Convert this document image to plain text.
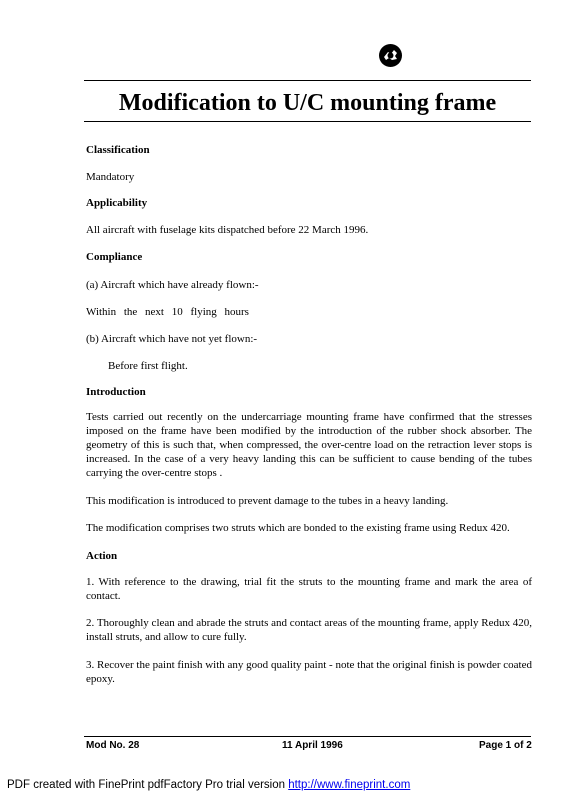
Modification to U/C mounting frame
Classification
Mandatory
Applicability
All aircraft with fuselage kits dispatched before 22 March 1996.
Compliance
(a) Aircraft which have already flown:-
Within the next 10 flying hours
(b) Aircraft which have not yet flown:-
Before first flight.
Introduction
Tests carried out recently on the undercarriage mounting frame have confirmed that the stresses imposed on the frame have been modified by the introduction of the rubber shock absorber. The geometry of this is such that, when compressed, the over-centre load on the retraction lever stops is increased. In the case of a very heavy landing this can be sufficient to cause bending of the tubes carrying the over-centre stops .
This modification is introduced to prevent damage to the tubes in a heavy landing.
The modification comprises two struts which are bonded to the existing frame using Redux 420.
Action
1. With reference to the drawing, trial fit the struts to the mounting frame and mark the area of contact.
2. Thoroughly clean and abrade the struts and contact areas of the mounting frame, apply Redux 420, install struts, and allow to cure fully.
3. Recover the paint finish with any good quality paint - note that the original finish is powder coated epoxy.
Mod No. 28	11 April 1996	Page 1 of 2
PDF created with FinePrint pdfFactory Pro trial version http://www.fineprint.com
